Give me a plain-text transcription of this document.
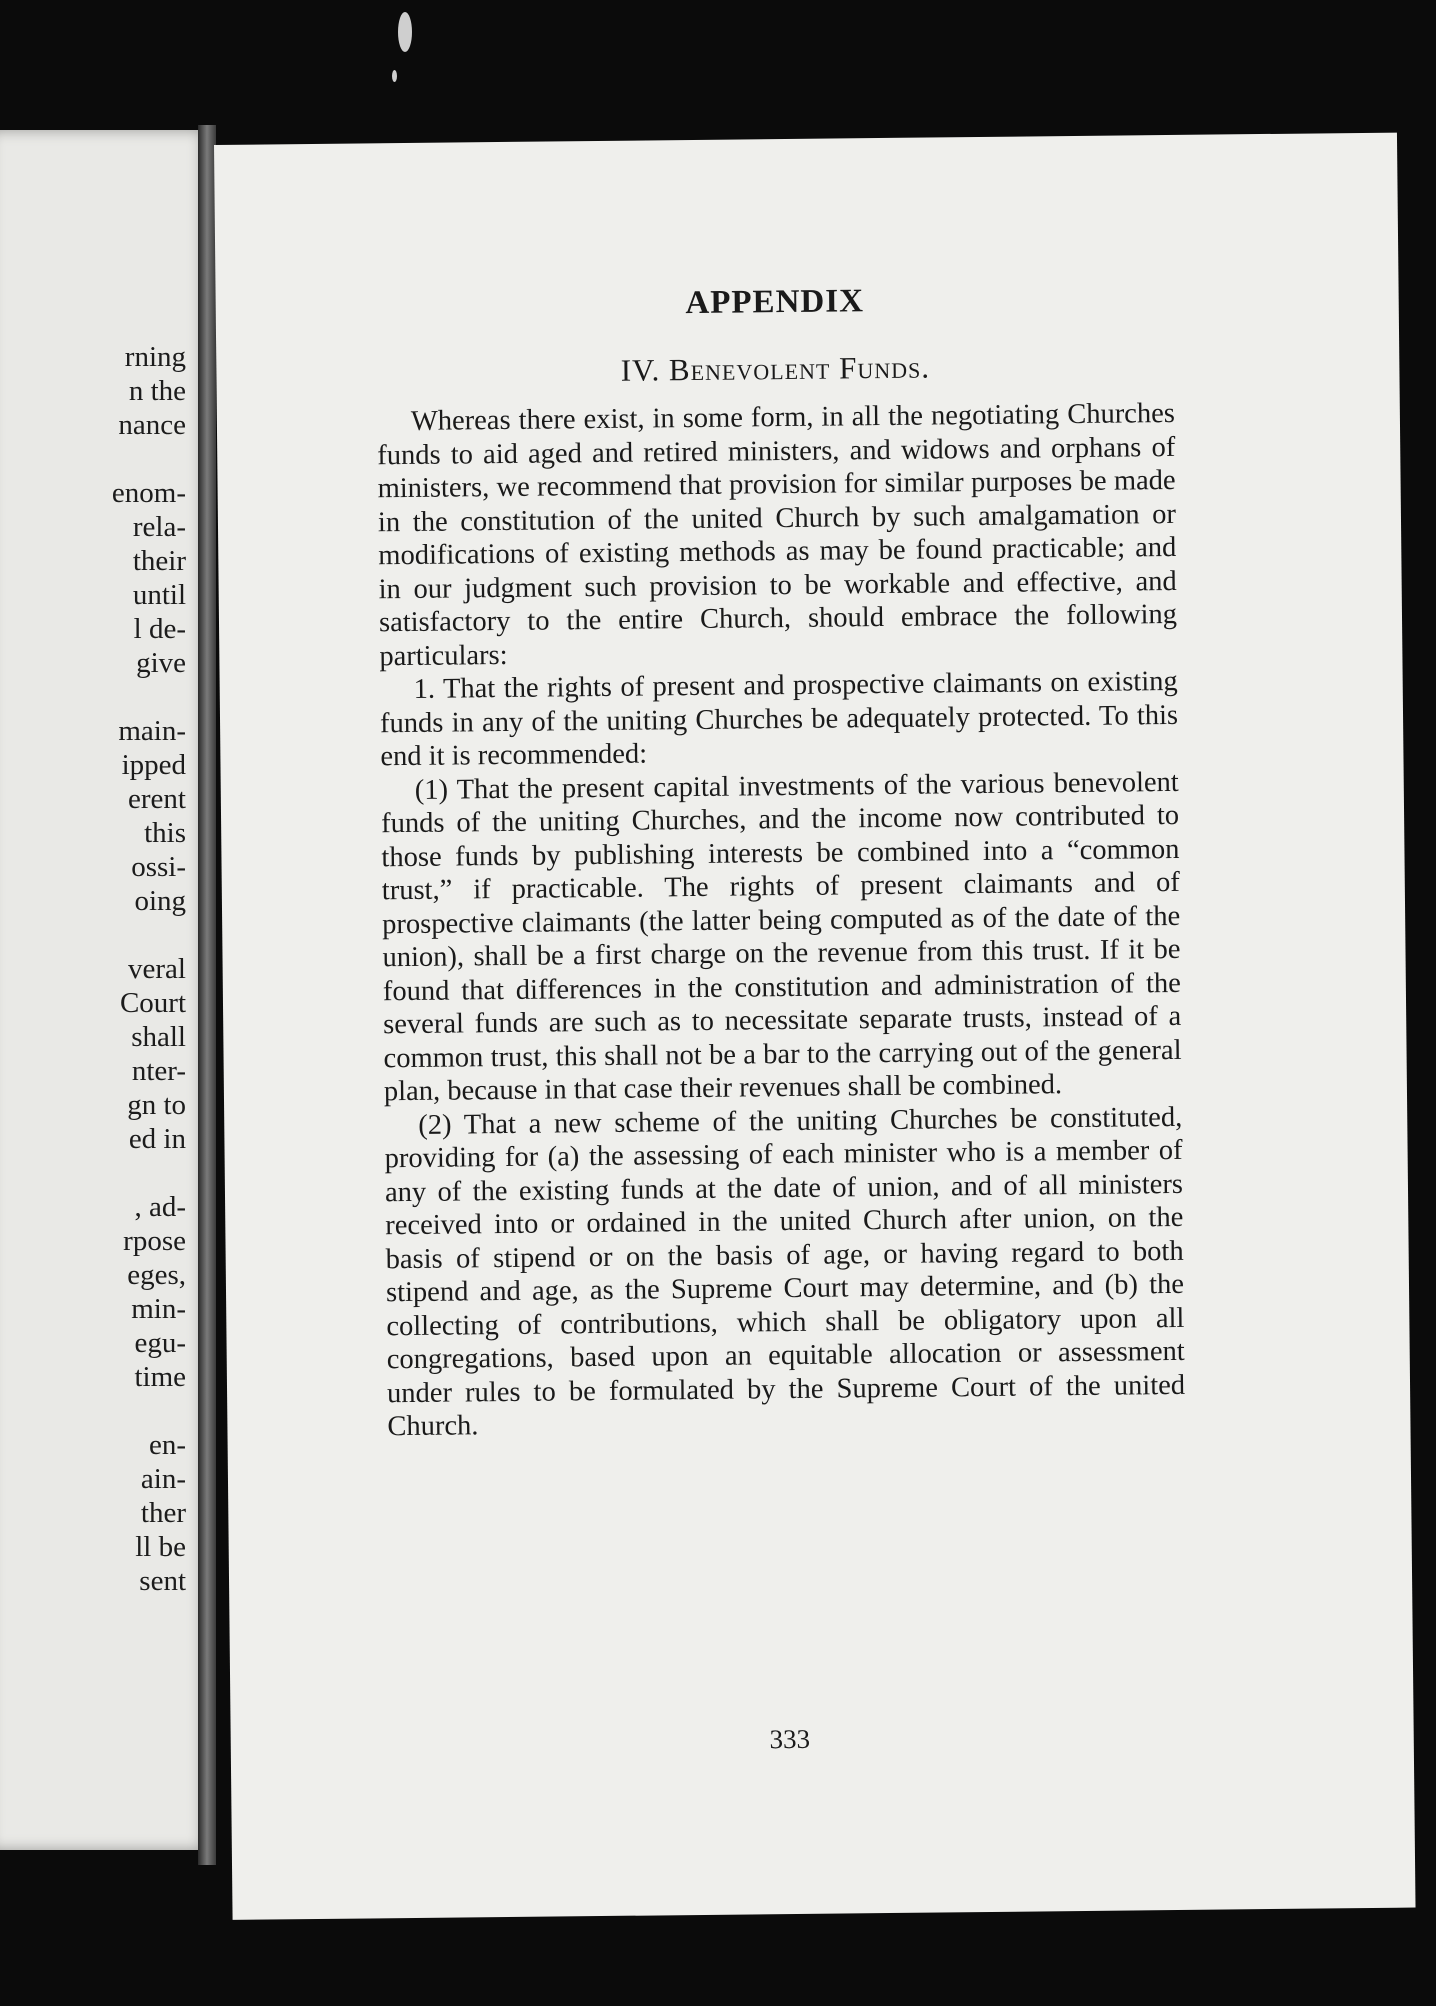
rning
n the
nance
enom-
rela-
their
until
l de-
give
main-
ipped
erent
this
ossi-
oing
veral
Court
shall
nter-
gn to
ed in
, ad-
rpose
eges,
min-
egu-
time
en-
ain-
ther
ll be
sent
APPENDIX
IV. Benevolent Funds.

Whereas there exist, in some form, in all the negotiating Churches funds to aid aged and retired ministers, and widows and orphans of ministers, we recommend that provision for similar purposes be made in the constitution of the united Church by such amalgamation or modifications of existing methods as may be found practicable; and in our judgment such provision to be workable and effective, and satisfactory to the entire Church, should embrace the following particulars:

1. That the rights of present and prospective claimants on existing funds in any of the uniting Churches be adequately protected. To this end it is recommended:

(1) That the present capital investments of the various benevolent funds of the uniting Churches, and the income now contributed to those funds by publishing interests be combined into a “common trust,” if practicable. The rights of present claimants and of prospective claimants (the latter being computed as of the date of the union), shall be a first charge on the revenue from this trust. If it be found that differences in the constitution and administration of the several funds are such as to necessitate separate trusts, instead of a common trust, this shall not be a bar to the carrying out of the general plan, because in that case their revenues shall be combined.

(2) That a new scheme of the uniting Churches be constituted, providing for (a) the assessing of each minister who is a member of any of the existing funds at the date of union, and of all ministers received into or ordained in the united Church after union, on the basis of stipend or on the basis of age, or having regard to both stipend and age, as the Supreme Court may determine, and (b) the collecting of contributions, which shall be obligatory upon all congregations, based upon an equitable allocation or assessment under rules to be formulated by the Supreme Court of the united Church.

333
